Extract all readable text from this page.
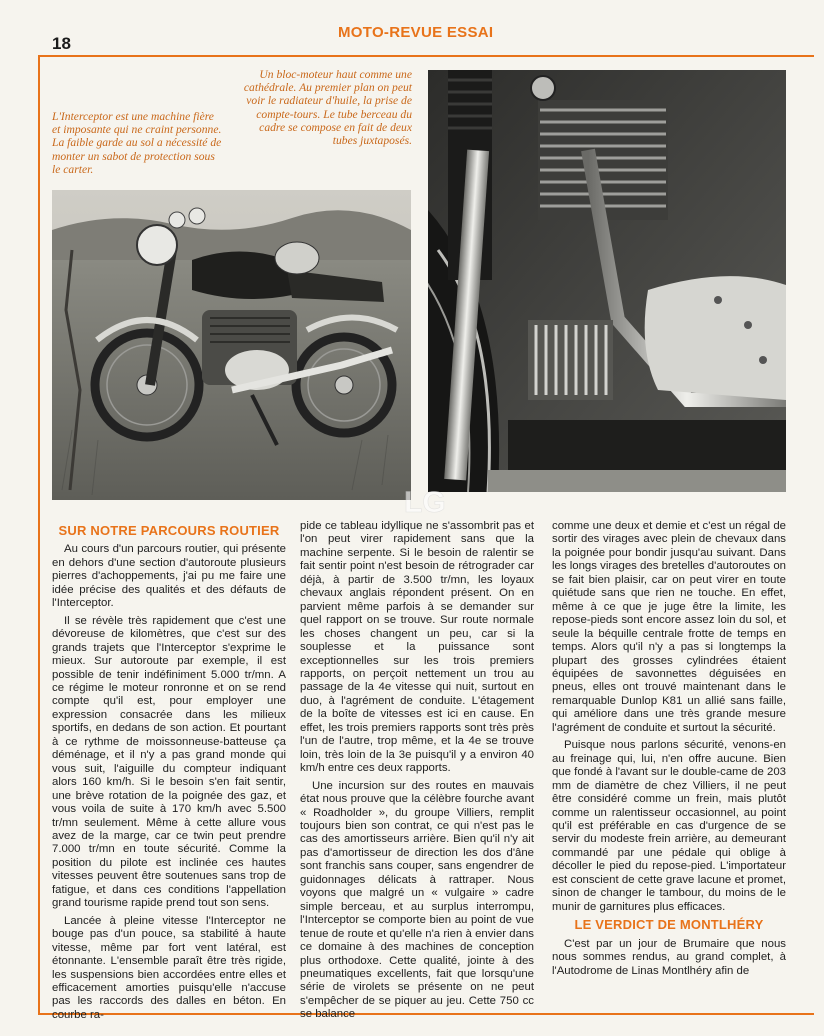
18
MOTO-REVUE ESSAI

Un bloc-moteur haut comme une cathédrale. Au premier plan on peut voir le radiateur d'huile, la prise de compte-tours. Le tube berceau du cadre se compose en fait de deux tubes juxtaposés.

L'Interceptor est une machine fière et imposante qui ne craint personne. La faible garde au sol a nécessité de monter un sabot de protection sous le carter.

LG
SUR NOTRE PARCOURS ROUTIER

Au cours d'un parcours routier, qui présente en dehors d'une section d'autoroute plusieurs pierres d'achoppements, j'ai pu me faire une idée précise des qualités et des défauts de l'Interceptor.

Il se révèle très rapidement que c'est une dévoreuse de kilomètres, que c'est sur des grands trajets que l'Interceptor s'exprime le mieux. Sur autoroute par exemple, il est possible de tenir indéfiniment 5.000 tr/mn. A ce régime le moteur ronronne et on se rend compte qu'il est, pour employer une expression consacrée dans les milieux sportifs, en dedans de son action. Et pourtant à ce rythme de moissonneuse-batteuse ça déménage, et il n'y a pas grand monde qui vous suit, l'aiguille du compteur indiquant alors 160 km/h. Si le besoin s'en fait sentir, une brève rotation de la poignée des gaz, et vous voila de suite à 170 km/h avec 5.500 tr/mn seulement. Même à cette allure vous avez de la marge, car ce twin peut prendre 7.000 tr/mn en toute sécurité. Comme la position du pilote est inclinée ces hautes vitesses peuvent être soutenues sans trop de fatigue, et dans ces conditions l'appellation grand tourisme rapide prend tout son sens.

Lancée à pleine vitesse l'Interceptor ne bouge pas d'un pouce, sa stabilité à haute vitesse, même par fort vent latéral, est étonnante. L'ensemble paraît être très rigide, les suspensions bien accordées entre elles et efficacement amorties puisqu'elle n'accuse pas les raccords des dalles en béton. En courbe ra-

pide ce tableau idyllique ne s'assombrit pas et l'on peut virer rapidement sans que la machine serpente. Si le besoin de ralentir se fait sentir point n'est besoin de rétrograder car déjà, à partir de 3.500 tr/mn, les loyaux chevaux anglais répondent présent. On en parvient même parfois à se demander sur quel rapport on se trouve. Sur route normale les choses changent un peu, car si la souplesse et la puissance sont exceptionnelles sur les trois premiers rapports, on perçoit nettement un trou au passage de la 4e vitesse qui nuit, surtout en duo, à l'agrément de conduite. L'étagement de la boîte de vitesses est ici en cause. En effet, les trois premiers rapports sont très près l'un de l'autre, trop même, et la 4e se trouve loin, très loin de la 3e puisqu'il y a environ 40 km/h entre ces deux rapports.

Une incursion sur des routes en mauvais état nous prouve que la célèbre fourche avant « Roadholder », du groupe Villiers, remplit toujours bien son contrat, ce qui n'est pas le cas des amortisseurs arrière. Bien qu'il n'y ait pas d'amortisseur de direction les dos d'âne sont franchis sans couper, sans engendrer de guidonnages délicats à rattraper. Nous voyons que malgré un « vulgaire » cadre simple berceau, et au surplus interrompu, l'Interceptor se comporte bien au point de vue tenue de route et qu'elle n'a rien à envier dans ce domaine à des machines de conception plus orthodoxe. Cette qualité, jointe à des pneumatiques excellents, fait que lorsqu'une série de virolets se présente on ne peut s'empêcher de se piquer au jeu. Cette 750 cc se balance

comme une deux et demie et c'est un régal de sortir des virages avec plein de chevaux dans la poignée pour bondir jusqu'au suivant. Dans les longs virages des bretelles d'autoroutes on se fait bien plaisir, car on peut virer en toute quiétude sans que rien ne touche. En effet, même à ce que je juge être la limite, les repose-pieds sont encore assez loin du sol, et seule la béquille centrale frotte de temps en temps. Alors qu'il n'y a pas si longtemps la plupart des grosses cylindrées étaient équipées de savonnettes déguisées en pneus, elles ont trouvé maintenant dans le remarquable Dunlop K81 un allié sans faille, qui améliore dans une très grande mesure l'agrément de conduite et surtout la sécurité.

Puisque nous parlons sécurité, venons-en au freinage qui, lui, n'en offre aucune. Bien que fondé à l'avant sur le double-came de 203 mm de diamètre de chez Villiers, il ne peut être considéré comme un frein, mais plutôt comme un ralentisseur occasionnel, au point qu'il est préférable en cas d'urgence de se servir du modeste frein arrière, au demeurant commandé par une pédale qui oblige à décoller le pied du repose-pied. L'importateur est conscient de cette grave lacune et promet, sinon de changer le tambour, du moins de le munir de garnitures plus efficaces.

LE VERDICT DE MONTLHÉRY

C'est par un jour de Brumaire que nous nous sommes rendus, au grand complet, à l'Autodrome de Linas Montlhéry afin de
